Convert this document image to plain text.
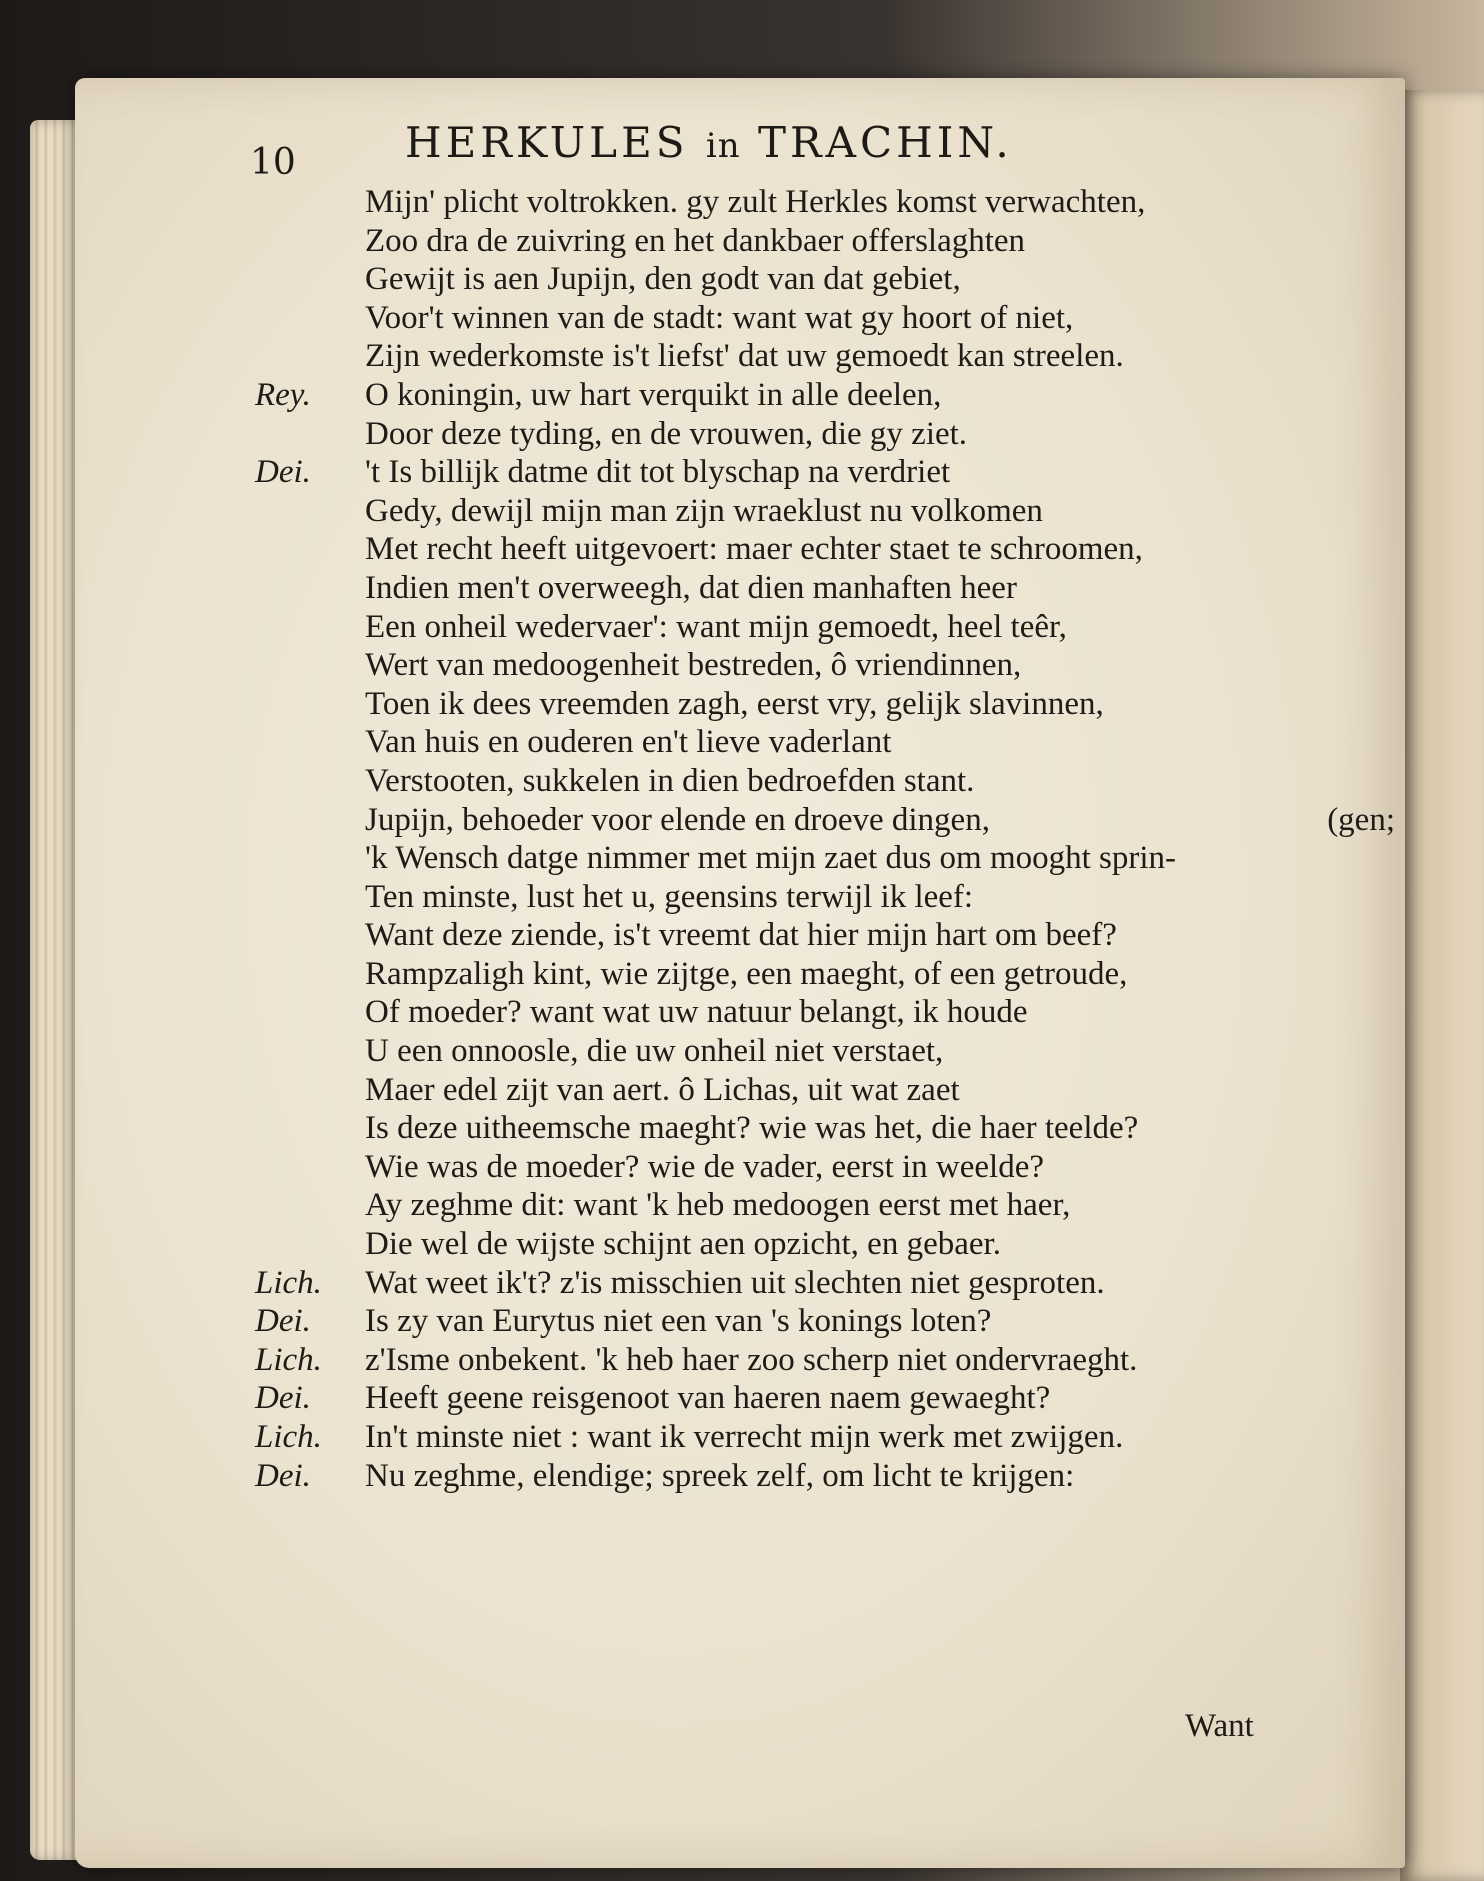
10	HERKULES in TRACHIN.
Mijn' plicht voltrokken. gy zult Herkles komst verwachten,
Zoo dra de zuivring en het dankbaer offerslaghten
Gewijt is aen Jupijn, den godt van dat gebiet,
Voor't winnen van de stadt: want wat gy hoort of niet,
Zijn wederkomste is't liefst' dat uw gemoedt kan streelen.
Rey. O koningin, uw hart verquikt in alle deelen,
Door deze tyding, en de vrouwen, die gy ziet.
Dei. 't Is billijk datme dit tot blyschap na verdriet
Gedy, dewijl mijn man zijn wraeklust nu volkomen
Met recht heeft uitgevoert: maer echter staet te schroomen,
Indien men't overweegh, dat dien manhaften heer
Een onheil wedervaer': want mijn gemoedt, heel teêr,
Wert van medoogenheit bestreden, ô vriendinnen,
Toen ik dees vreemden zagh, eerst vry, gelijk slavinnen,
Van huis en ouderen en't lieve vaderlant
Verstooten, sukkelen in dien bedroefden stant.
Jupijn, behoeder voor elende en droeve dingen,	(gen;
'k Wensch datge nimmer met mijn zaet dus om mooght sprin-
Ten minste, lust het u, geensins terwijl ik leef:
Want deze ziende, is't vreemt dat hier mijn hart om beef?
Rampzaligh kint, wie zijtge, een maeght, of een getroude,
Of moeder? want wat uw natuur belangt, ik houde
U een onnoosle, die uw onheil niet verstaet,
Maer edel zijt van aert. ô Lichas, uit wat zaet
Is deze uitheemsche maeght? wie was het, die haer teelde?
Wie was de moeder? wie de vader, eerst in weelde?
Ay zeghme dit: want 'k heb medoogen eerst met haer,
Die wel de wijste schijnt aen opzicht, en gebaer.
Lich. Wat weet ik't? z'is misschien uit slechten niet gesproten.
Dei. Is zy van Eurytus niet een van 's konings loten?
Lich. z'Isme onbekent. 'k heb haer zoo scherp niet ondervraeght.
Dei. Heeft geene reisgenoot van haeren naem gewaeght?
Lich. In't minste niet : want ik verrecht mijn werk met zwijgen.
Dei. Nu zeghme, elendige; spreek zelf, om licht te krijgen:
Want
